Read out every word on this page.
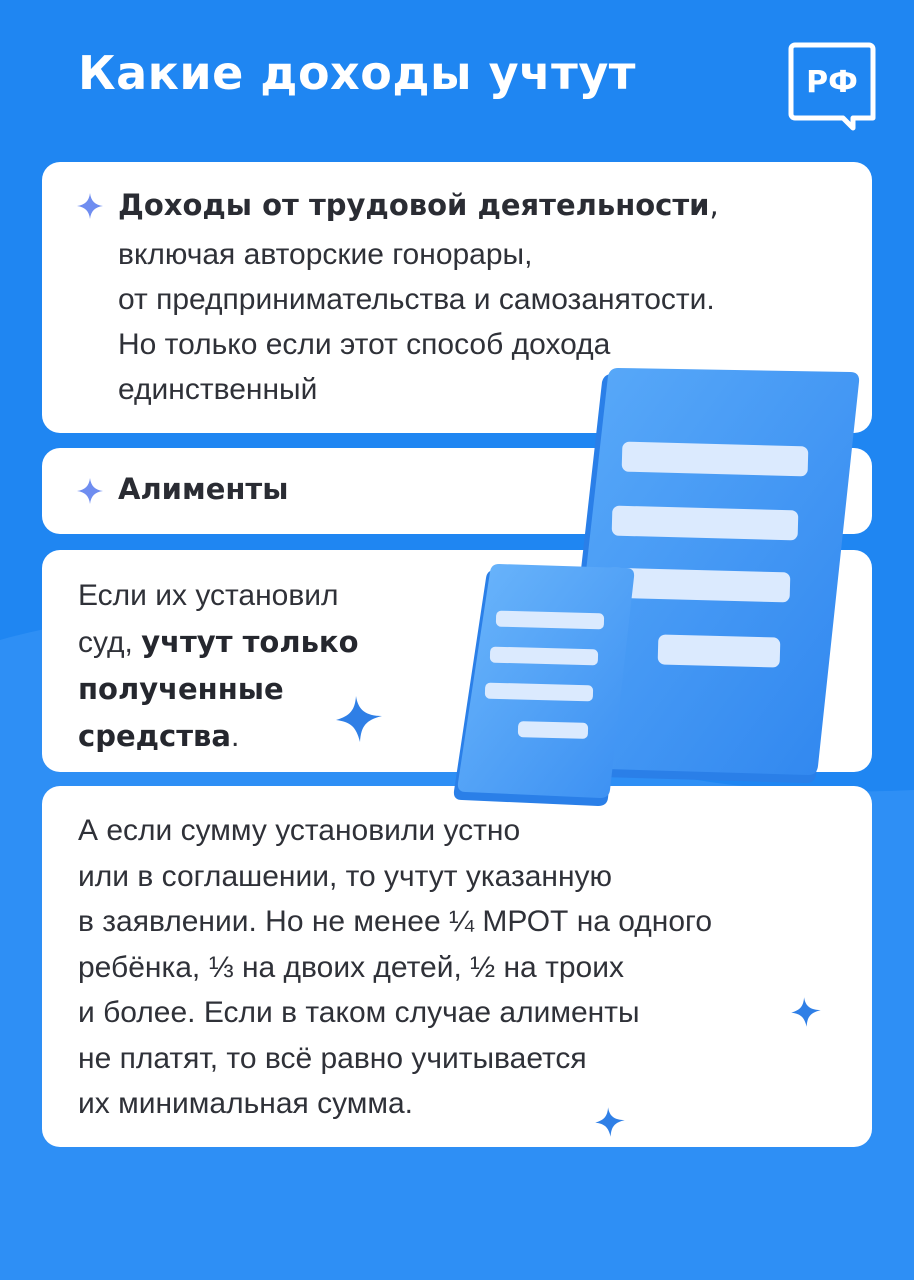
Какие доходы учтут	РФ
Доходы от трудовой деятельности,
включая авторские гонорары,
от предпринимательства и самозанятости.
Но только если этот способ дохода
единственный
Алименты
Если их установил
суд, учтут только
полученные
средства.
А если сумму установили устно
или в соглашении, то учтут указанную
в заявлении. Но не менее ¼ МРОТ на одного
ребёнка, ⅓ на двоих детей, ½ на троих
и более. Если в таком случае алименты
не платят, то всё равно учитывается
их минимальная сумма.
